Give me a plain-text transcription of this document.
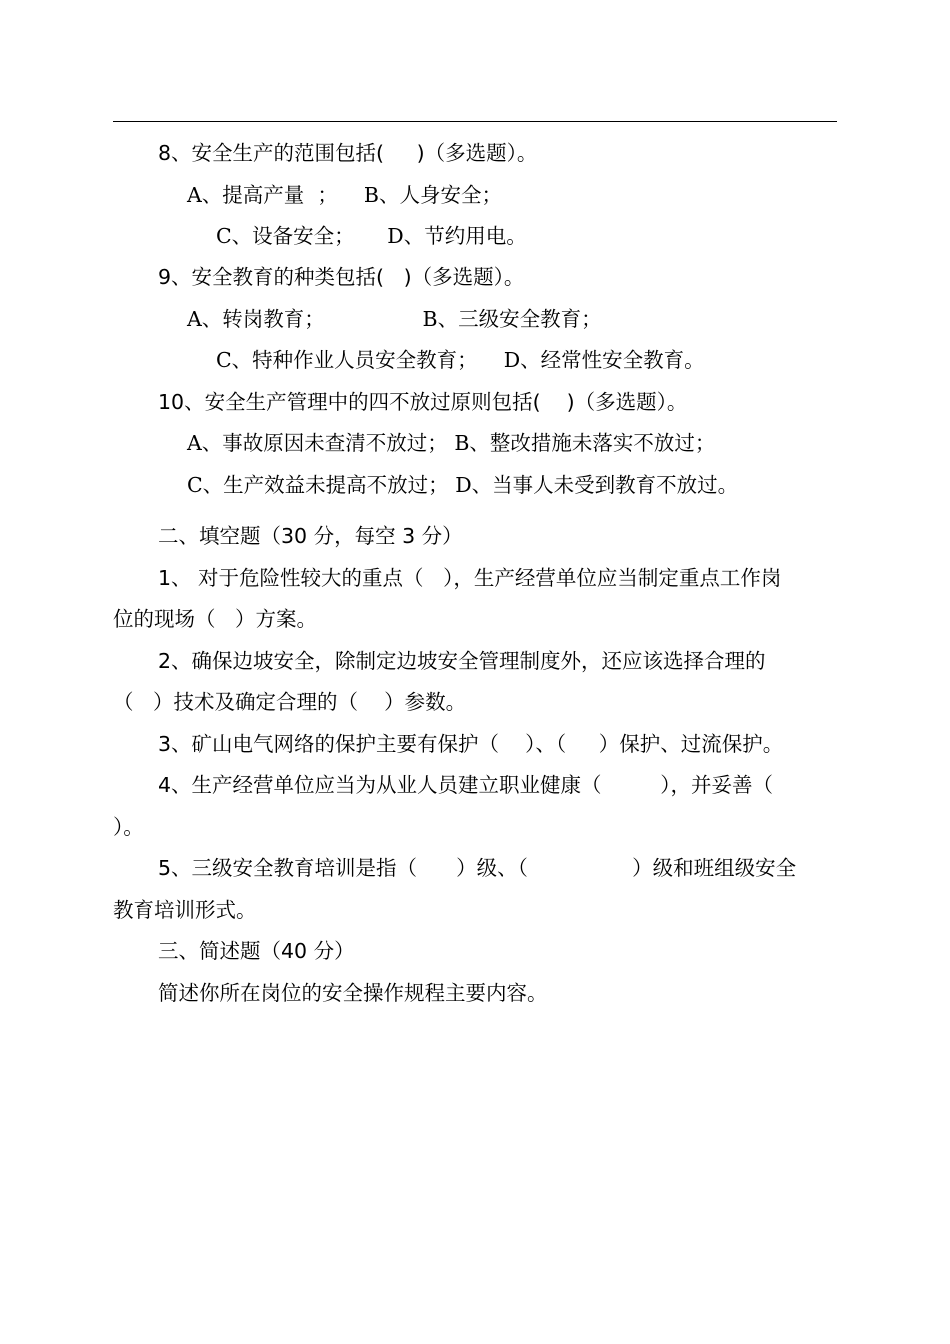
8、安全生产的范围包括(     )（多选题）。
A、提高产量  ；    B、人身安全；
C、设备安全；     D、节约用电。
9、安全教育的种类包括(   )（多选题）。
A、转岗教育；               B、三级安全教育；
C、特种作业人员安全教育；    D、经常性安全教育。
10、安全生产管理中的四不放过原则包括(    )（多选题）。
A、事故原因未查清不放过； B、整改措施未落实不放过；
C、生产效益未提高不放过； D、当事人未受到教育不放过。
二、填空题（30 分，每空 3 分）
1、 对于危险性较大的重点（   ），生产经营单位应当制定重点工作岗
位的现场（   ）方案。
2、确保边坡安全，除制定边坡安全管理制度外，还应该选择合理的
（   ）技术及确定合理的（    ）参数。
3、矿山电气网络的保护主要有保护（    ）、（     ）保护、过流保护。
4、生产经营单位应当为从业人员建立职业健康（         ），并妥善（
）。
5、三级安全教育培训是指（      ）级、（                ）级和班组级安全
教育培训形式。
三、简述题（40 分）
简述你所在岗位的安全操作规程主要内容。
